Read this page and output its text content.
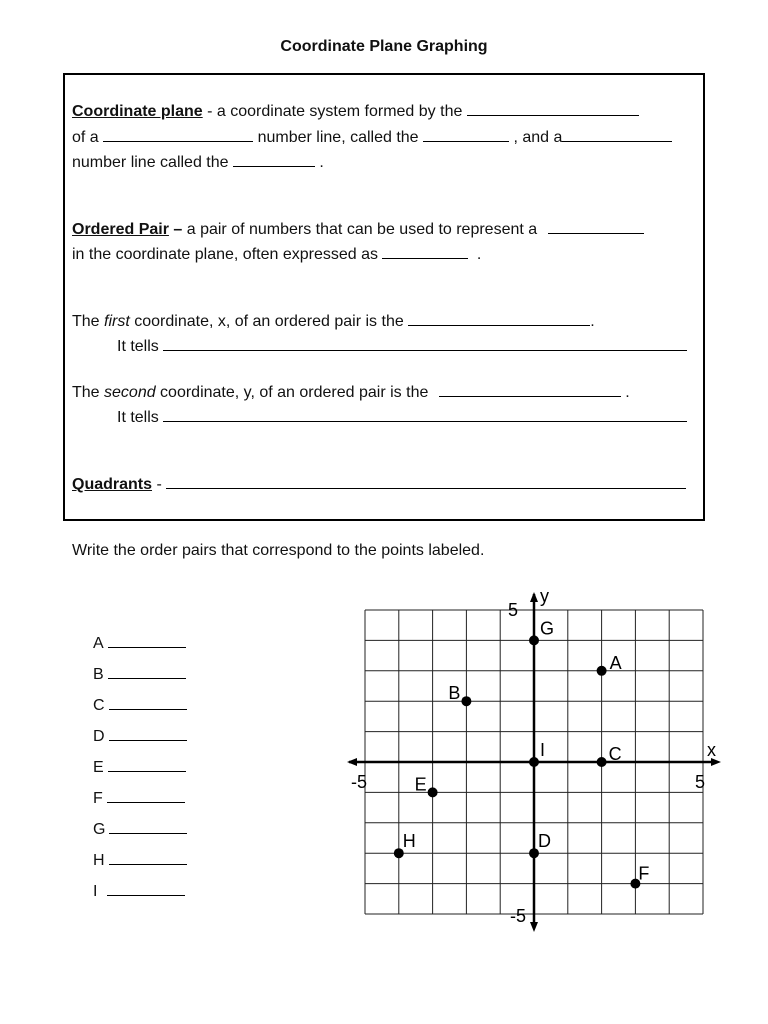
Coordinate Plane Graphing
Coordinate plane - a coordinate system formed by the
of a	number line, called the	, and a
number line called the	.
Ordered Pair – a pair of numbers that can be used to represent a
in the coordinate plane, often expressed as	.
The first coordinate, x, of an ordered pair is the	.
It tells
The second coordinate, y, of an ordered pair is the	.
It tells
Quadrants -
Write the order pairs that correspond to the points labeled.
A
B
C
D
E
F
G
H
I
x
y
-5	5
5
-5
A
B
C
D
E
F
G
H
I
